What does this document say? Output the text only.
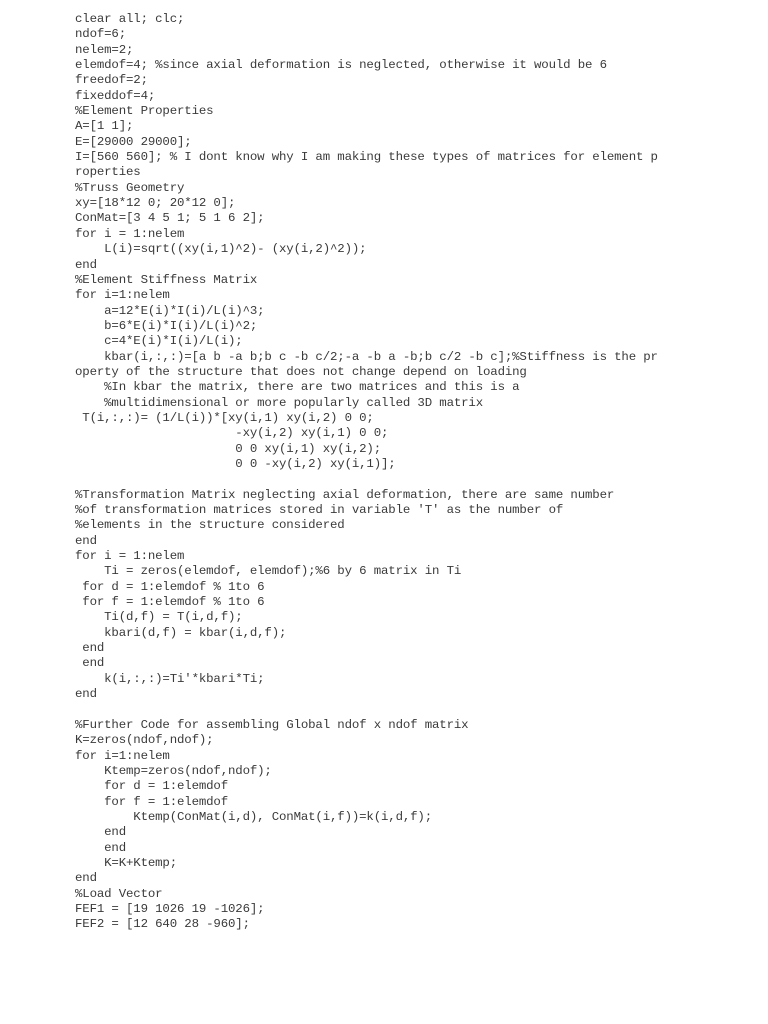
clear all; clc;
ndof=6;
nelem=2;
elemdof=4; %since axial deformation is neglected, otherwise it would be 6
freedof=2;
fixeddof=4;
%Element Properties
A=[1 1];
E=[29000 29000];
I=[560 560]; % I dont know why I am making these types of matrices for element p
roperties
%Truss Geometry
xy=[18*12 0; 20*12 0];
ConMat=[3 4 5 1; 5 1 6 2];
for i = 1:nelem
L(i)=sqrt((xy(i,1)^2)- (xy(i,2)^2));
end
%Element Stiffness Matrix
for i=1:nelem
a=12*E(i)*I(i)/L(i)^3;
b=6*E(i)*I(i)/L(i)^2;
c=4*E(i)*I(i)/L(i);
kbar(i,:,:)=[a b -a b;b c -b c/2;-a -b a -b;b c/2 -b c];%Stiffness is the pr
operty of the structure that does not change depend on loading
%In kbar the matrix, there are two matrices and this is a
%multidimensional or more popularly called 3D matrix
T(i,:,:)= (1/L(i))*[xy(i,1) xy(i,2) 0 0;
-xy(i,2) xy(i,1) 0 0;
0 0 xy(i,1) xy(i,2);
0 0 -xy(i,2) xy(i,1)];
%Transformation Matrix neglecting axial deformation, there are same number
%of transformation matrices stored in variable 'T' as the number of
%elements in the structure considered
end
for i = 1:nelem
Ti = zeros(elemdof, elemdof);%6 by 6 matrix in Ti
for d = 1:elemdof % 1to 6
for f = 1:elemdof % 1to 6
Ti(d,f) = T(i,d,f);
kbari(d,f) = kbar(i,d,f);
end
end
k(i,:,:)=Ti'*kbari*Ti;
end
%Further Code for assembling Global ndof x ndof matrix
K=zeros(ndof,ndof);
for i=1:nelem
Ktemp=zeros(ndof,ndof);
for d = 1:elemdof
for f = 1:elemdof
Ktemp(ConMat(i,d), ConMat(i,f))=k(i,d,f);
end
end
K=K+Ktemp;
end
%Load Vector
FEF1 = [19 1026 19 -1026];
FEF2 = [12 640 28 -960];
